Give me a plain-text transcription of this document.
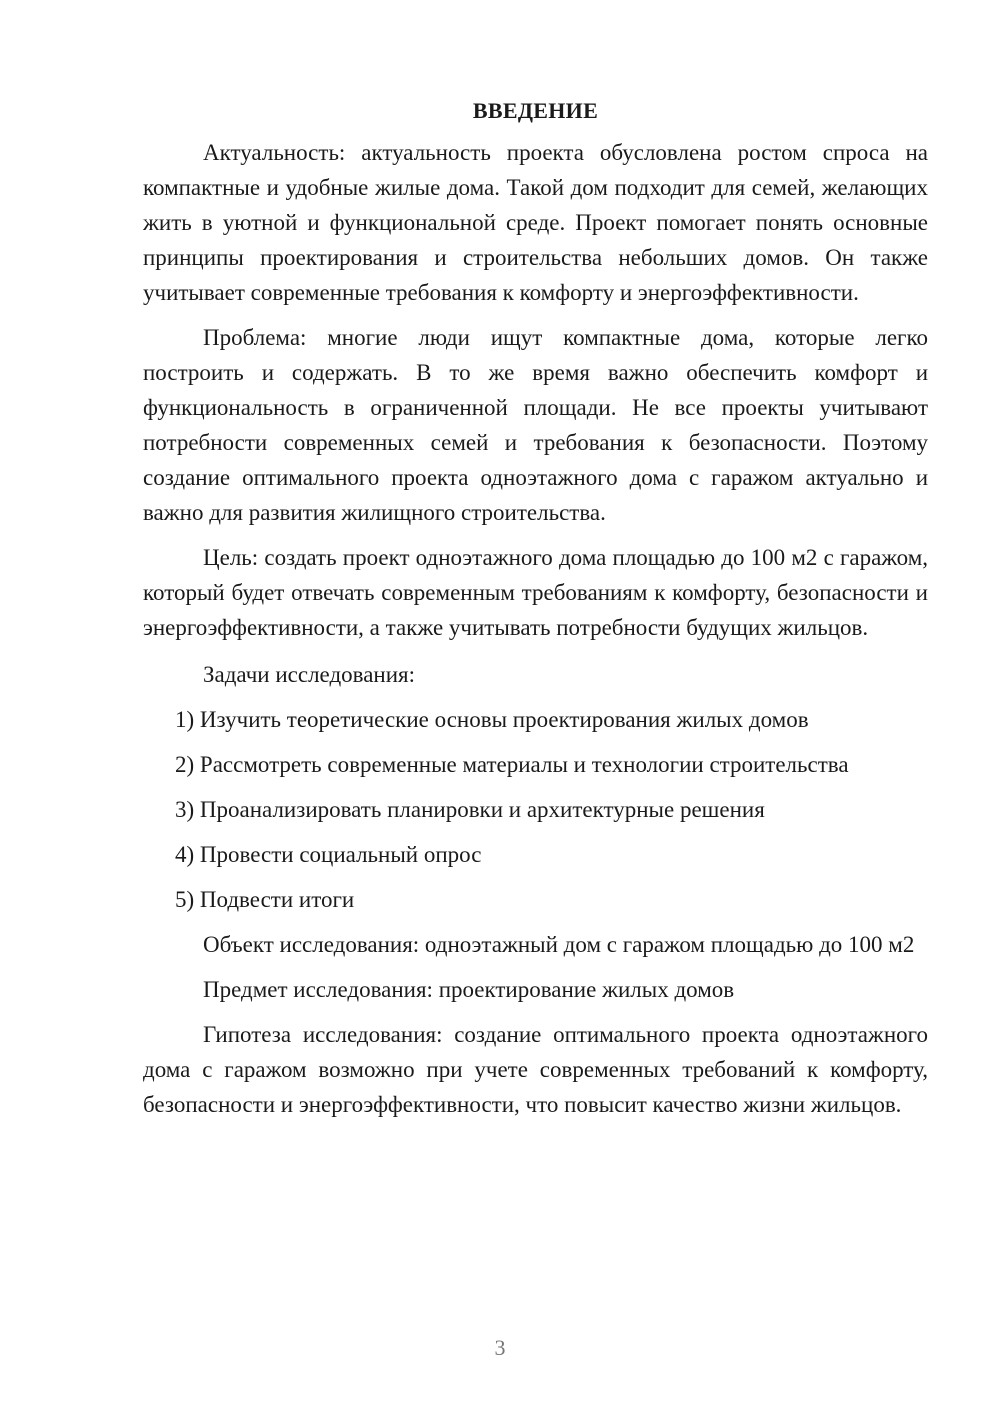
ВВЕДЕНИЕ

Актуальность: актуальность проекта обусловлена ростом спроса на компактные и удобные жилые дома. Такой дом подходит для семей, желающих жить в уютной и функциональной среде. Проект помогает понять основные принципы проектирования и строительства небольших домов. Он также учитывает современные требования к комфорту и энергоэффективности.

Проблема: многие люди ищут компактные дома, которые легко построить и содержать. В то же время важно обеспечить комфорт и функциональность в ограниченной площади. Не все проекты учитывают потребности современных семей и требования к безопасности. Поэтому создание оптимального проекта одноэтажного дома с гаражом актуально и важно для развития жилищного строительства.

Цель: создать проект одноэтажного дома площадью до 100 м2 с гаражом, который будет отвечать современным требованиям к комфорту, безопасности и энергоэффективности, а также учитывать потребности будущих жильцов.

Задачи исследования:

1) Изучить теоретические основы проектирования жилых домов
2) Рассмотреть современные материалы и технологии строительства
3) Проанализировать планировки и архитектурные решения
4) Провести социальный опрос
5) Подвести итоги

Объект исследования: одноэтажный дом с гаражом площадью до 100 м2

Предмет исследования: проектирование жилых домов

Гипотеза исследования: создание оптимального проекта одноэтажного дома с гаражом возможно при учете современных требований к комфорту, безопасности и энергоэффективности, что повысит качество жизни жильцов.

3
